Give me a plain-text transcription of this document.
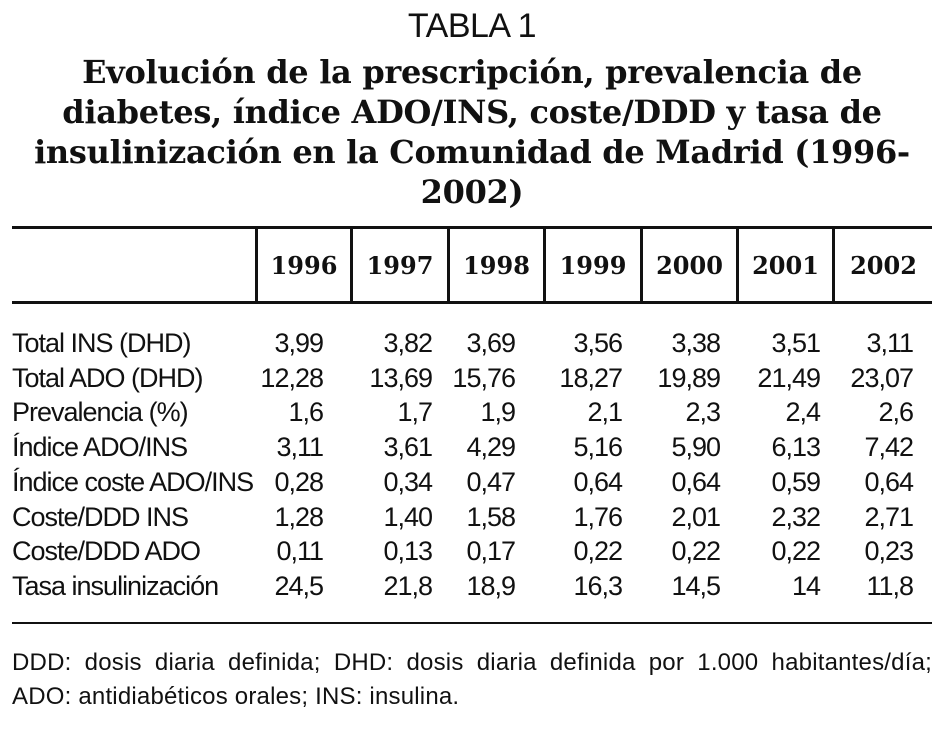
TABLA 1
Evolución de la prescripción, prevalencia de diabetes, índice ADO/INS, coste/DDD y tasa de insulinización en la Comunidad de Madrid (1996-2002)
1996	1997	1998	1999	2000	2001	2002
Total INS (DHD)	3,99 3,82 3,69 3,56 3,38 3,51 3,11
Total ADO (DHD) 12,28 13,69 15,76 18,27 19,89 21,49 23,07
Prevalencia (%)	1,6	1,7 1,9	2,1 2,3 2,4 2,6
Índice ADO/INS	3,11 3,61 4,29 5,16 5,90 6,13 7,42
Índice coste ADO/INS 0,28 0,34 0,47 0,64 0,64 0,59 0,64
Coste/DDD INS	1,28 1,40 1,58 1,76 2,01 2,32 2,71
Coste/DDD ADO	0,11 0,13 0,17 0,22 0,22 0,22 0,23
Tasa insulinización 24,5 21,8 18,9 16,3 14,5	14 11,8
DDD: dosis diaria definida; DHD: dosis diaria definida por 1.000 habitantes/día; ADO: antidiabéticos orales; INS: insulina.
